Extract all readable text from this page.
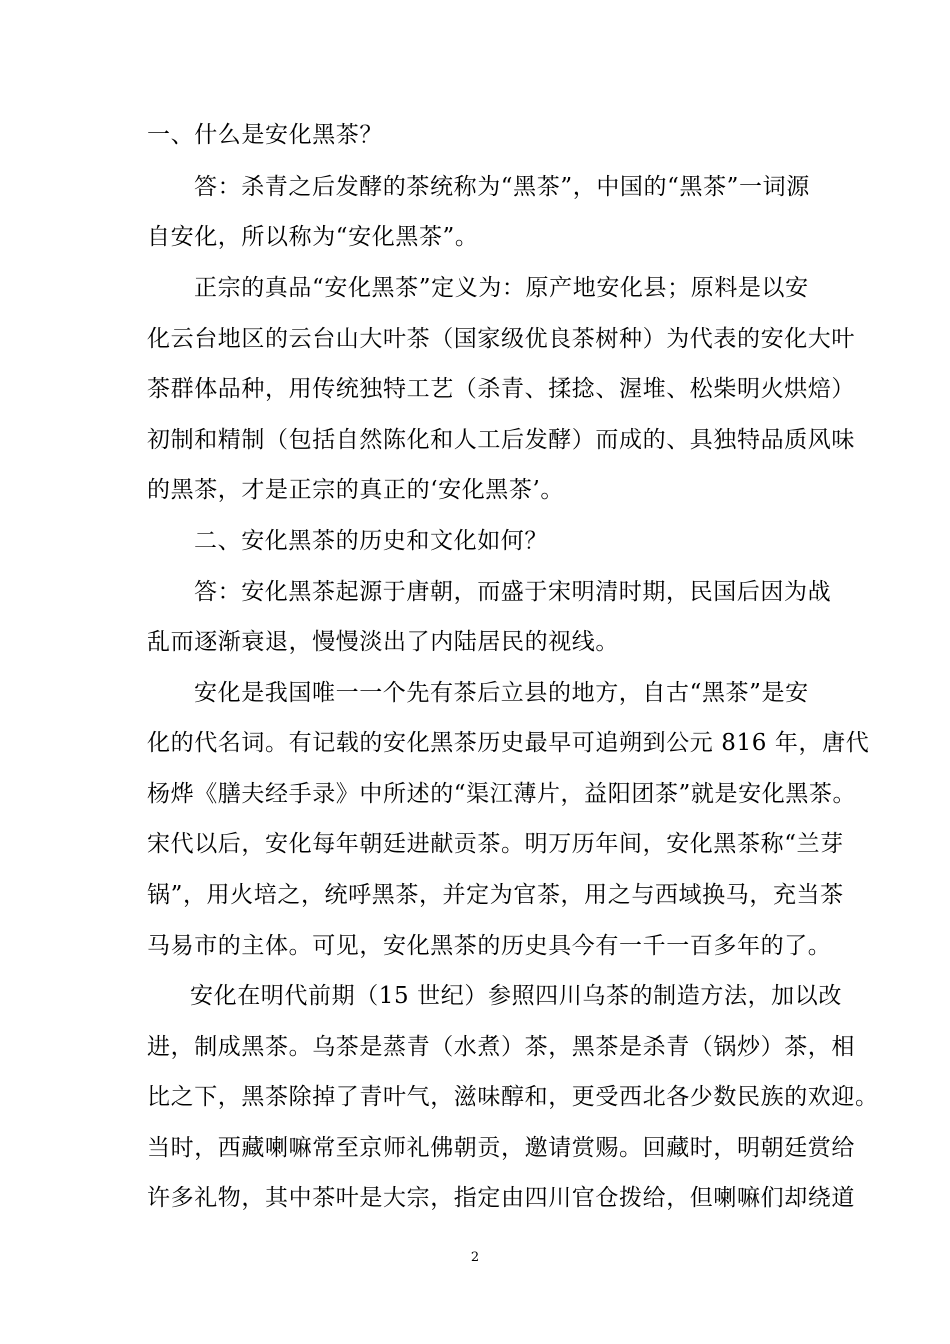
一、什么是安化黑茶？
答：杀青之后发酵的茶统称为“黑茶”，中国的“黑茶”一词源
自安化，所以称为“安化黑茶”。
正宗的真品“安化黑茶”定义为：原产地安化县；原料是以安
化云台地区的云台山大叶茶（国家级优良茶树种）为代表的安化大叶
茶群体品种，用传统独特工艺（杀青、揉捻、渥堆、松柴明火烘焙）
初制和精制（包括自然陈化和人工后发酵）而成的、具独特品质风味
的黑茶，才是正宗的真正的‘安化黑茶’。
二、安化黑茶的历史和文化如何？
答：安化黑茶起源于唐朝，而盛于宋明清时期，民国后因为战
乱而逐渐衰退，慢慢淡出了内陆居民的视线。
安化是我国唯一一个先有茶后立县的地方，自古“黑茶”是安
化的代名词。有记载的安化黑茶历史最早可追朔到公元 816 年，唐代
杨烨《膳夫经手录》中所述的“渠江薄片，益阳团茶”就是安化黑茶。
宋代以后，安化每年朝廷进献贡茶。明万历年间，安化黑茶称“兰芽
锅”，用火培之，统呼黑茶，并定为官茶，用之与西域换马，充当茶
马易市的主体。可见，安化黑茶的历史具今有一千一百多年的了。
安化在明代前期（15 世纪）参照四川乌茶的制造方法，加以改
进，制成黑茶。乌茶是蒸青（水煮）茶，黑茶是杀青（锅炒）茶，相
比之下，黑茶除掉了青叶气，滋味醇和，更受西北各少数民族的欢迎。
当时，西藏喇嘛常至京师礼佛朝贡，邀请赏赐。回藏时，明朝廷赏给
许多礼物，其中茶叶是大宗，指定由四川官仓拨给，但喇嘛们却绕道
2
